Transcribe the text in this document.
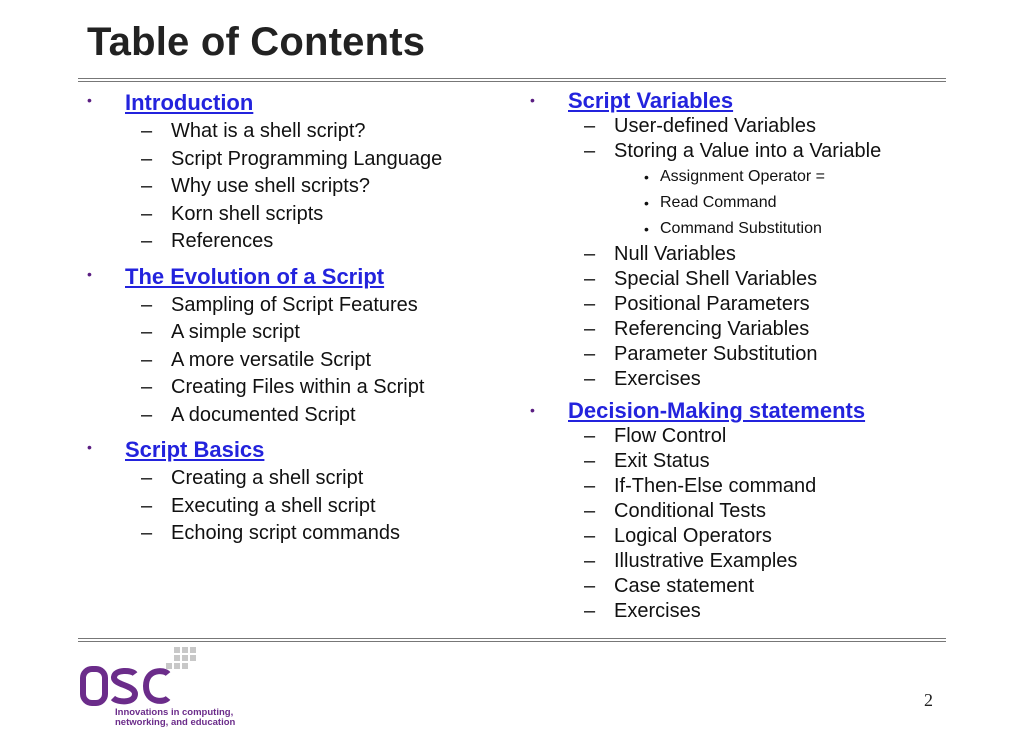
Table of Contents
• Introduction
– What is a shell script?
– Script Programming Language
– Why use shell scripts?
– Korn shell scripts
– References
• The Evolution of a Script
– Sampling of Script Features
– A simple script
– A more versatile Script
– Creating Files within a Script
– A documented Script
• Script Basics
– Creating a shell script
– Executing a shell script
– Echoing script commands
• Script Variables
– User-defined Variables
– Storing a Value into a Variable
• Assignment Operator =
• Read Command
• Command Substitution
– Null Variables
– Special Shell Variables
– Positional Parameters
– Referencing Variables
– Parameter Substitution
– Exercises
• Decision-Making statements
– Flow Control
– Exit Status
– If-Then-Else command
– Conditional Tests
– Logical Operators
– Illustrative Examples
– Case statement
– Exercises
Innovations in computing,
networking, and education
2
